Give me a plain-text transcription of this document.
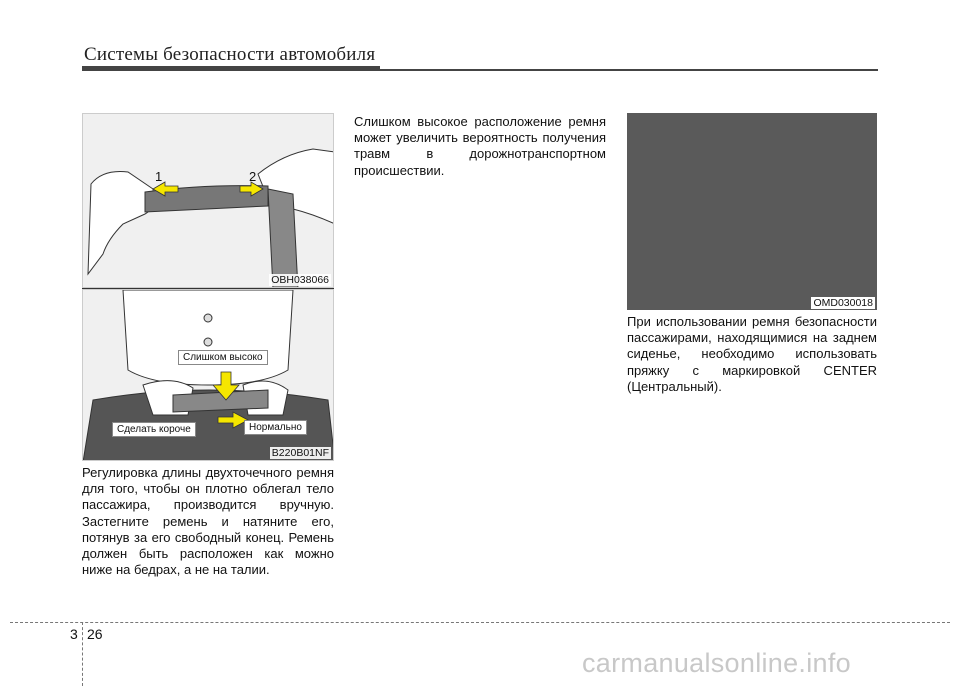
Системы безопасности автомобиля
1	2
OBH038066
Слишком высоко
Сделать короче	Нормально
B220B01NF

Регулировка длины двухточечного ремня для того, чтобы он плотно облегал тело пассажира, производится вручную. Застегните ремень и натяните его, потянув за его свободный конец. Ремень должен быть расположен как можно ниже на бедрах, а не на талии.

Слишком высокое расположение ремня может увеличить вероятность получения травм в дорожнотранспортном происшествии.

OMD030018

При использовании ремня безопасности пассажирами, находящимися на заднем сиденье, необходимо использовать пряжку с маркировкой CENTER (Центральный).

3 26
carmanualsonline.info
